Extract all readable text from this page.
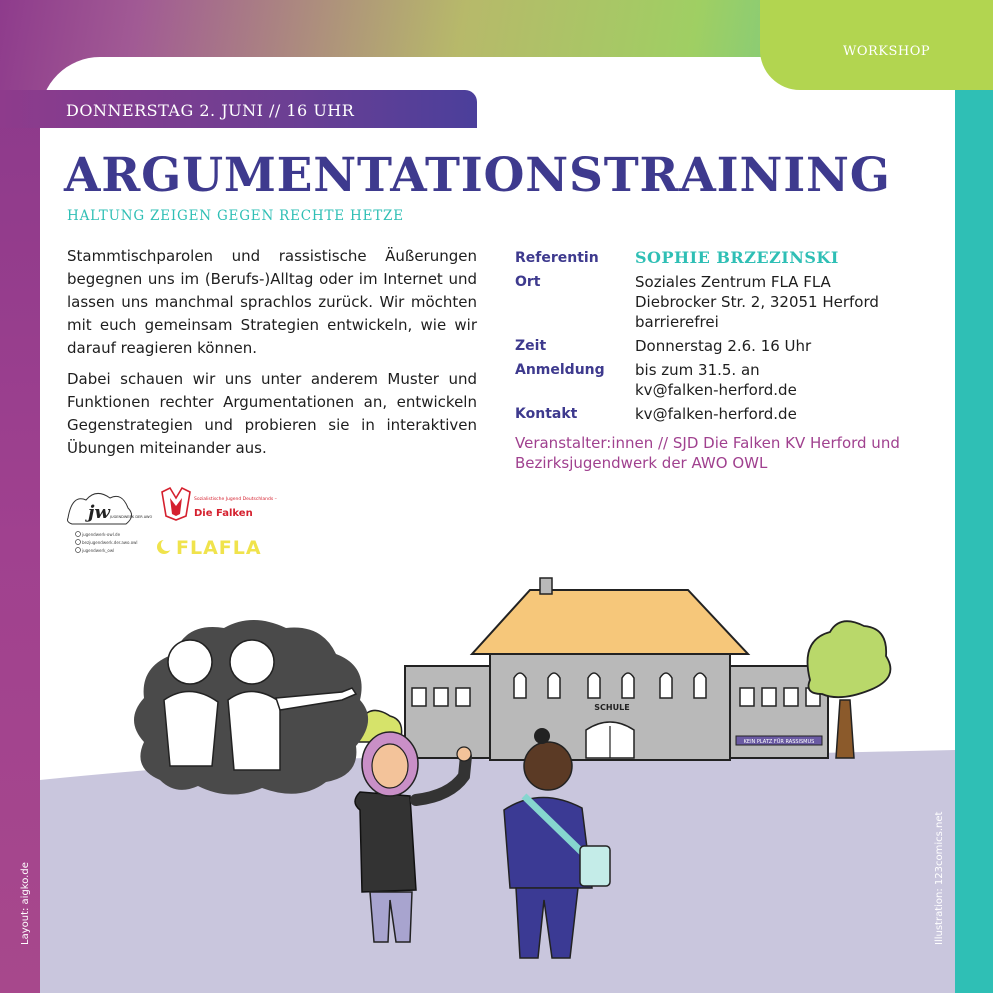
WORKSHOP
DONNERSTAG 2. JUNI // 16 UHR
ARGUMENTATIONSTRAINING
HALTUNG ZEIGEN GEGEN RECHTE HETZE

Stammtischparolen und rassistische Äußerungen begegnen uns im (Berufs-)Alltag oder im Internet und lassen uns manchmal sprachlos zurück. Wir möchten mit euch gemeinsam Strategien entwickeln, wie wir darauf reagieren können.

Dabei schauen wir uns unter anderem Muster und Funktionen rechter Argumentationen an, entwickeln Gegenstrategien und probieren sie in interaktiven Übungen miteinander aus.

Referentin	SOPHIE BRZEZINSKI
Ort	Soziales Zentrum FLA FLA
Diebrocker Str. 2, 32051 Herford
barrierefrei
Zeit	Donnerstag 2.6. 16 Uhr
Anmeldung	bis zum 31.5. an
kv@falken-herford.de
Kontakt	kv@falken-herford.de
Veranstalter:innen // SJD Die Falken KV Herford und Bezirksjugendwerk der AWO OWL
jw JUGENDWERK DER AWO
jugendwerk-owl.de
bezjugendwerk.der.awo.owl
jugendwerk_owl
Sozialistische Jugend Deutschlands –
Die Falken
FLAFLA
SCHULE
KEIN PLATZ FÜR RASSISMUS
Layout: aigko.de	Illustration: 123comics.net
